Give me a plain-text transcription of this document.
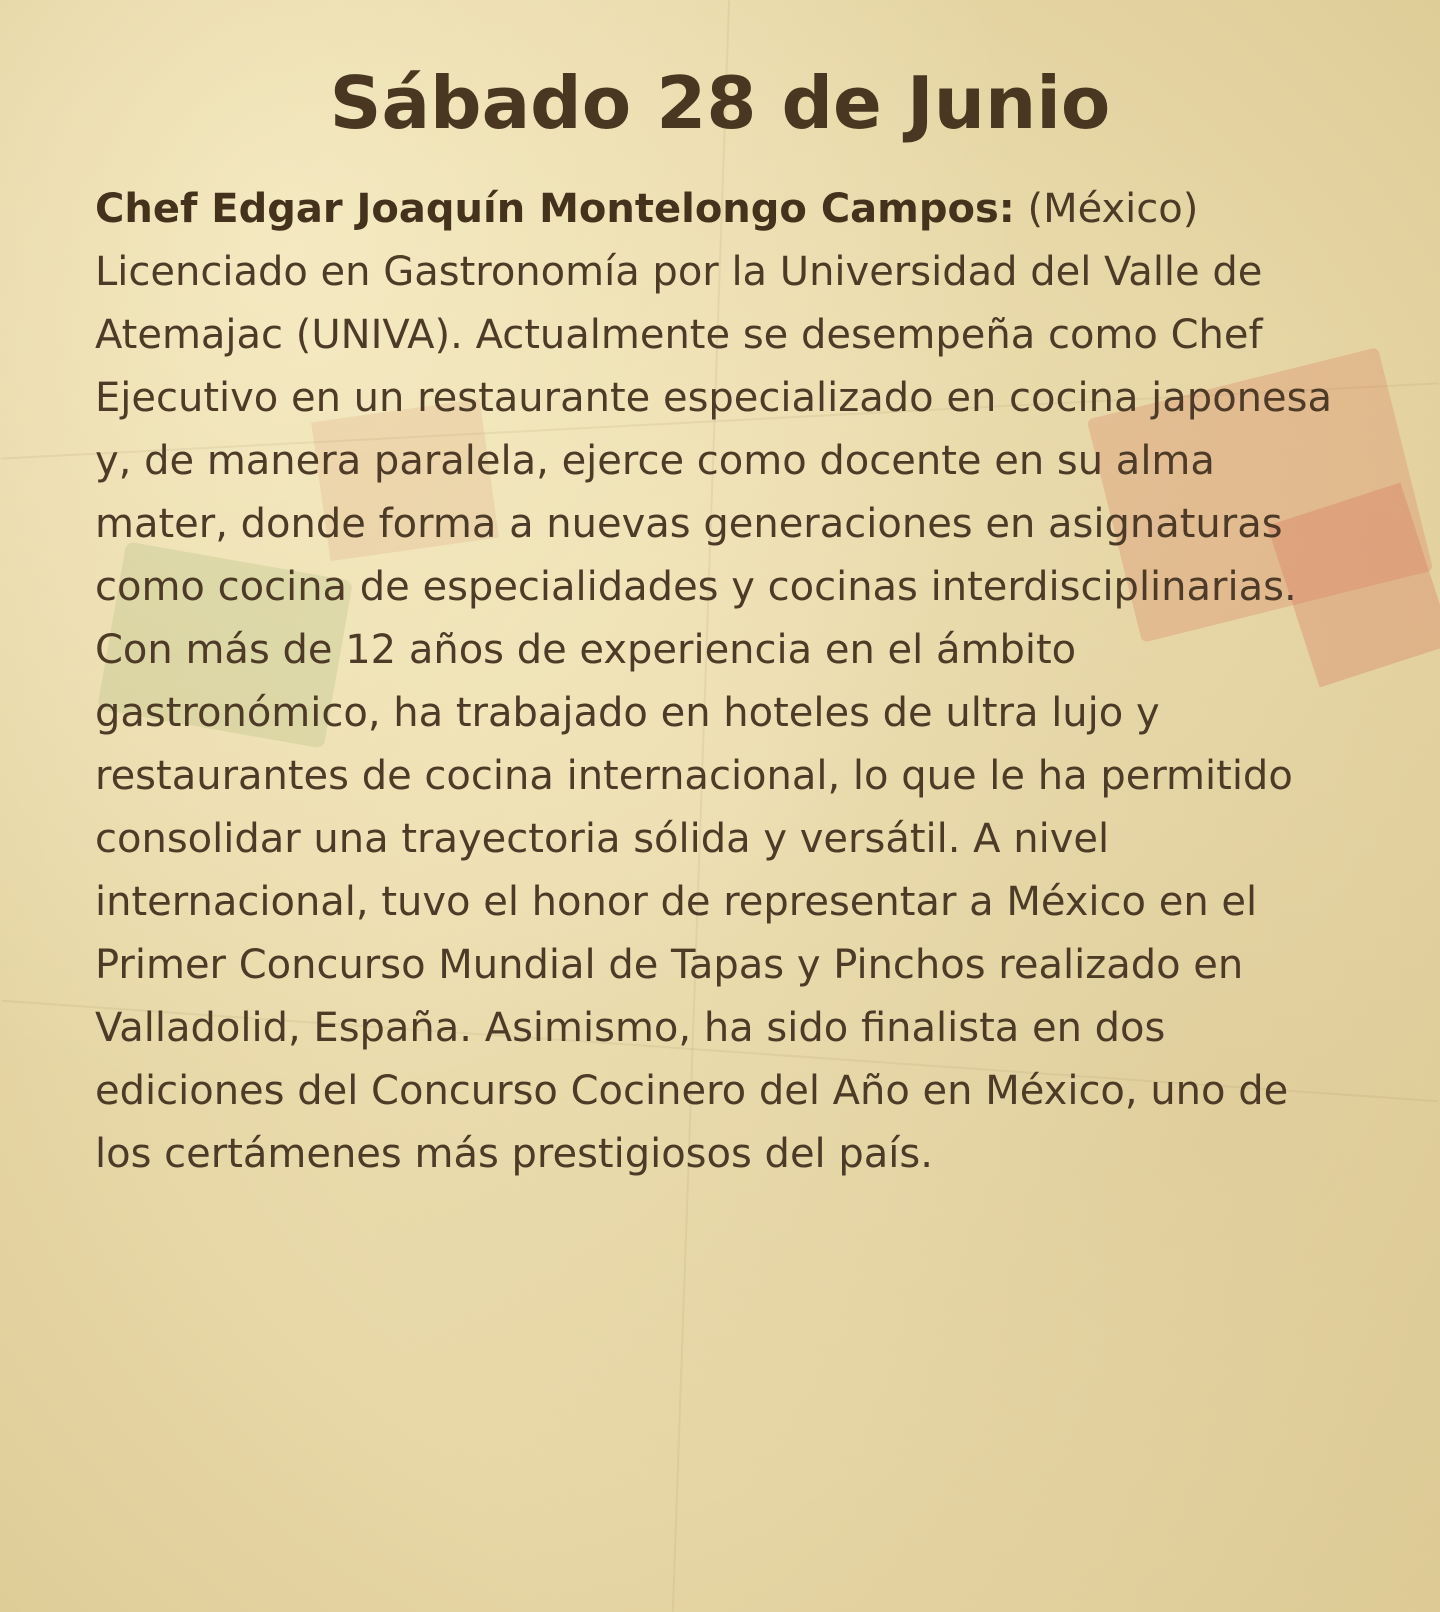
Sábado 28 de Junio

Chef Edgar Joaquín Montelongo Campos: (México)
Licenciado en Gastronomía por la Universidad del Valle de Atemajac (UNIVA). Actualmente se desempeña como Chef Ejecutivo en un restaurante especializado en cocina japonesa y, de manera paralela, ejerce como docente en su alma mater, donde forma a nuevas generaciones en asignaturas como cocina de especialidades y cocinas interdisciplinarias.
Con más de 12 años de experiencia en el ámbito gastronómico, ha trabajado en hoteles de ultra lujo y restaurantes de cocina internacional, lo que le ha permitido consolidar una trayectoria sólida y versátil. A nivel internacional, tuvo el honor de representar a México en el Primer Concurso Mundial de Tapas y Pinchos realizado en Valladolid, España. Asimismo, ha sido finalista en dos ediciones del Concurso Cocinero del Año en México, uno de los certámenes más prestigiosos del país.
